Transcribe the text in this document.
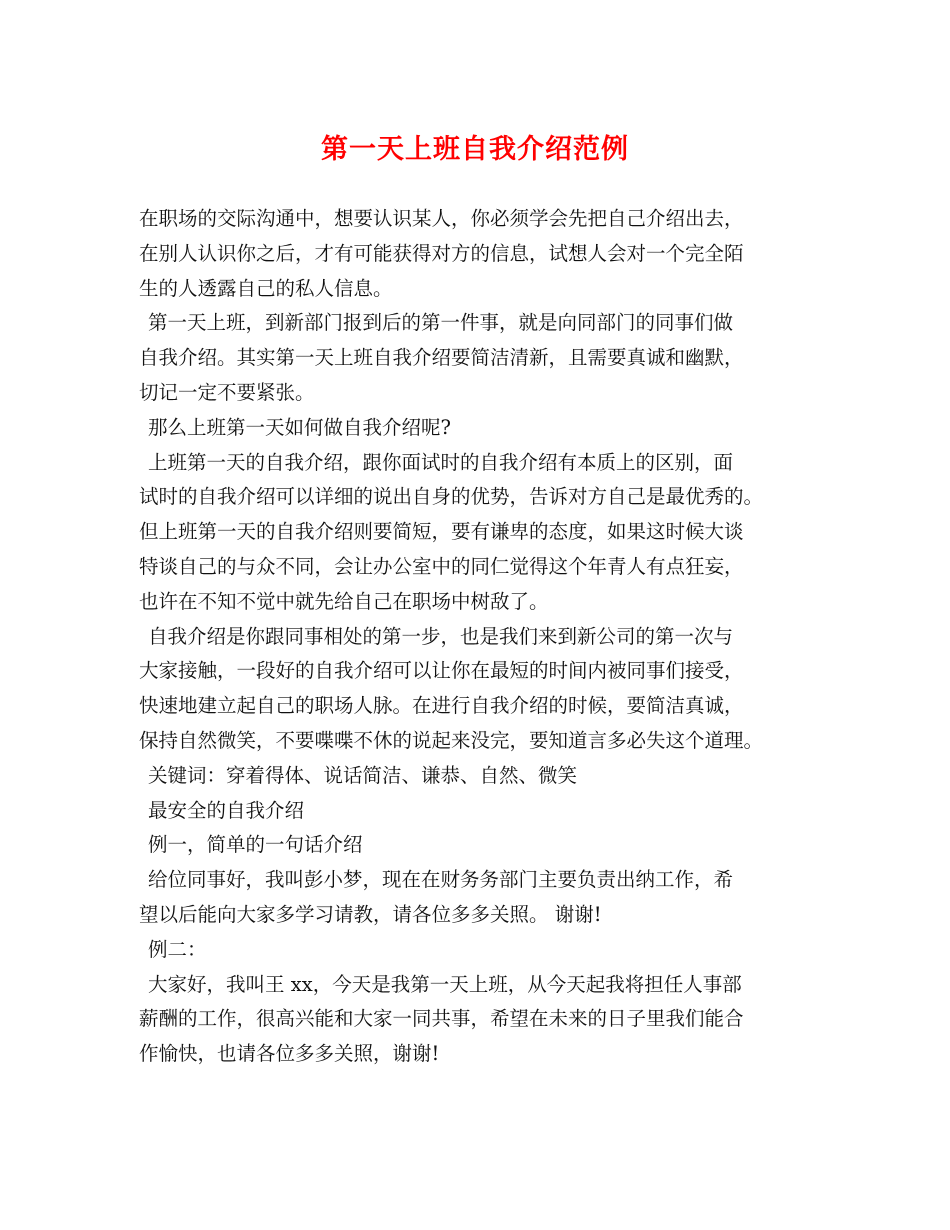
第一天上班自我介绍范例
在职场的交际沟通中，想要认识某人，你必须学会先把自己介绍出去，
在别人认识你之后，才有可能获得对方的信息，试想人会对一个完全陌
生的人透露自己的私人信息。
第一天上班，到新部门报到后的第一件事，就是向同部门的同事们做
自我介绍。其实第一天上班自我介绍要简洁清新，且需要真诚和幽默，
切记一定不要紧张。
那么上班第一天如何做自我介绍呢?
上班第一天的自我介绍，跟你面试时的自我介绍有本质上的区别，面
试时的自我介绍可以详细的说出自身的优势，告诉对方自己是最优秀的。
但上班第一天的自我介绍则要简短，要有谦卑的态度，如果这时候大谈
特谈自己的与众不同，会让办公室中的同仁觉得这个年青人有点狂妄，
也许在不知不觉中就先给自己在职场中树敌了。
自我介绍是你跟同事相处的第一步，也是我们来到新公司的第一次与
大家接触，一段好的自我介绍可以让你在最短的时间内被同事们接受，
快速地建立起自己的职场人脉。在进行自我介绍的时候，要简洁真诚，
保持自然微笑，不要喋喋不休的说起来没完，要知道言多必失这个道理。
关键词：穿着得体、说话简洁、谦恭、自然、微笑
最安全的自我介绍
例一，简单的一句话介绍
给位同事好，我叫彭小梦，现在在财务务部门主要负责出纳工作，希
望以后能向大家多学习请教，请各位多多关照。 谢谢!
例二：
大家好，我叫王 xx，今天是我第一天上班，从今天起我将担任人事部
薪酬的工作，很高兴能和大家一同共事，希望在未来的日子里我们能合
作愉快，也请各位多多关照，谢谢!
